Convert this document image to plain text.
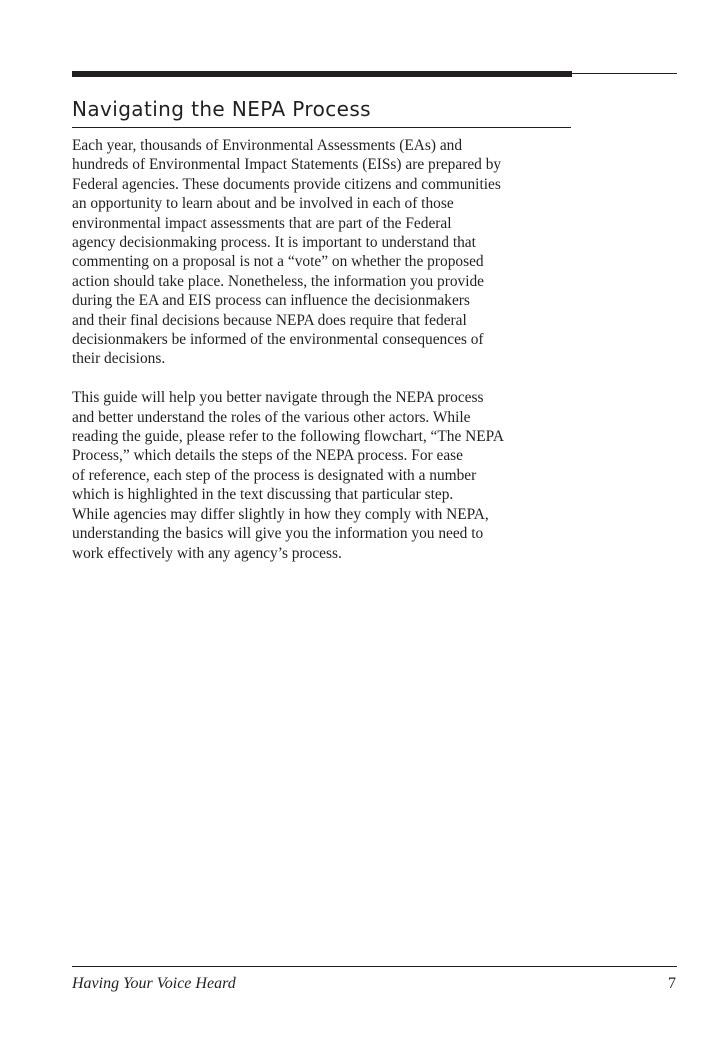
Navigating the NEPA Process

Each year, thousands of Environmental Assessments (EAs) and
hundreds of Environmental Impact Statements (EISs) are prepared by
Federal agencies. These documents provide citizens and communities
an opportunity to learn about and be involved in each of those
environmental impact assessments that are part of the Federal
agency decisionmaking process. It is important to understand that
commenting on a proposal is not a “vote” on whether the proposed
action should take place. Nonetheless, the information you provide
during the EA and EIS process can influence the decisionmakers
and their final decisions because NEPA does require that federal
decisionmakers be informed of the environmental consequences of
their decisions.

This guide will help you better navigate through the NEPA process
and better understand the roles of the various other actors. While
reading the guide, please refer to the following flowchart, “The NEPA
Process,” which details the steps of the NEPA process. For ease
of reference, each step of the process is designated with a number
which is highlighted in the text discussing that particular step.
While agencies may differ slightly in how they comply with NEPA,
understanding the basics will give you the information you need to
work effectively with any agency’s process.

Having Your Voice Heard	7
